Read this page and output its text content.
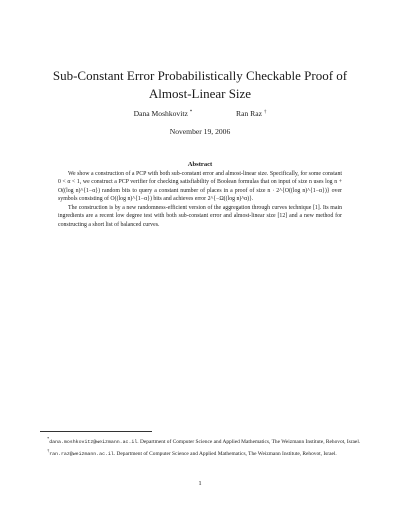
Sub-Constant Error Probabilistically Checkable Proof of Almost-Linear Size
Dana Moshkovitz *	Ran Raz †
November 19, 2006
Abstract

We show a construction of a PCP with both sub-constant error and almost-linear size. Specifically, for some constant 0 < α < 1, we construct a PCP verifier for checking satisfiability of Boolean formulas that on input of size n uses log n + O((log n)^{1−α}) random bits to query a constant number of places in a proof of size n · 2^{O((log n)^{1−α})} over symbols consisting of O((log n)^{1−α}) bits and achieves error 2^{−Ω((log n)^α)}.

The construction is by a new randomness-efficient version of the aggregation through curves technique [1]. Its main ingredients are a recent low degree test with both sub-constant error and almost-linear size [12] and a new method for constructing a short list of balanced curves.

*dana.moshkovitz@weizmann.ac.il. Department of Computer Science and Applied Mathematics, The Weizmann Institute, Rehovot, Israel.

†ran.raz@weizmann.ac.il. Department of Computer Science and Applied Mathematics, The Weizmann Institute, Rehovot, Israel.

1
